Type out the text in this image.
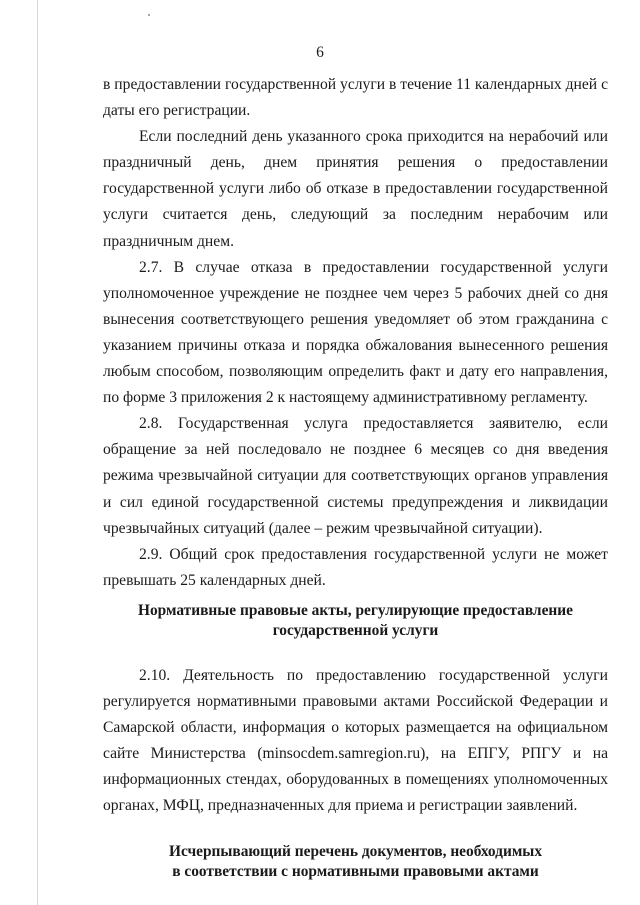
6

в предоставлении государственной услуги в течение 11 календарных дней с даты его регистрации.

Если последний день указанного срока приходится на нерабочий или праздничный день, днем принятия решения о предоставлении государственной услуги либо об отказе в предоставлении государственной услуги считается день, следующий за последним нерабочим или праздничным днем.

2.7. В случае отказа в предоставлении государственной услуги уполномоченное учреждение не позднее чем через 5 рабочих дней со дня вынесения соответствующего решения уведомляет об этом гражданина с указанием причины отказа и порядка обжалования вынесенного решения любым способом, позволяющим определить факт и дату его направления, по форме 3 приложения 2 к настоящему административному регламенту.

2.8. Государственная услуга предоставляется заявителю, если обращение за ней последовало не позднее 6 месяцев со дня введения режима чрезвычайной ситуации для соответствующих органов управления и сил единой государственной системы предупреждения и ликвидации чрезвычайных ситуаций (далее – режим чрезвычайной ситуации).

2.9. Общий срок предоставления государственной услуги не может превышать 25 календарных дней.

Нормативные правовые акты, регулирующие предоставление
государственной услуги

2.10. Деятельность по предоставлению государственной услуги регулируется нормативными правовыми актами Российской Федерации и Самарской области, информация о которых размещается на официальном сайте Министерства (minsocdem.samregion.ru), на ЕПГУ, РПГУ и на информационных стендах, оборудованных в помещениях уполномоченных органах, МФЦ, предназначенных для приема и регистрации заявлений.

Исчерпывающий перечень документов, необходимых
в соответствии с нормативными правовыми актами
